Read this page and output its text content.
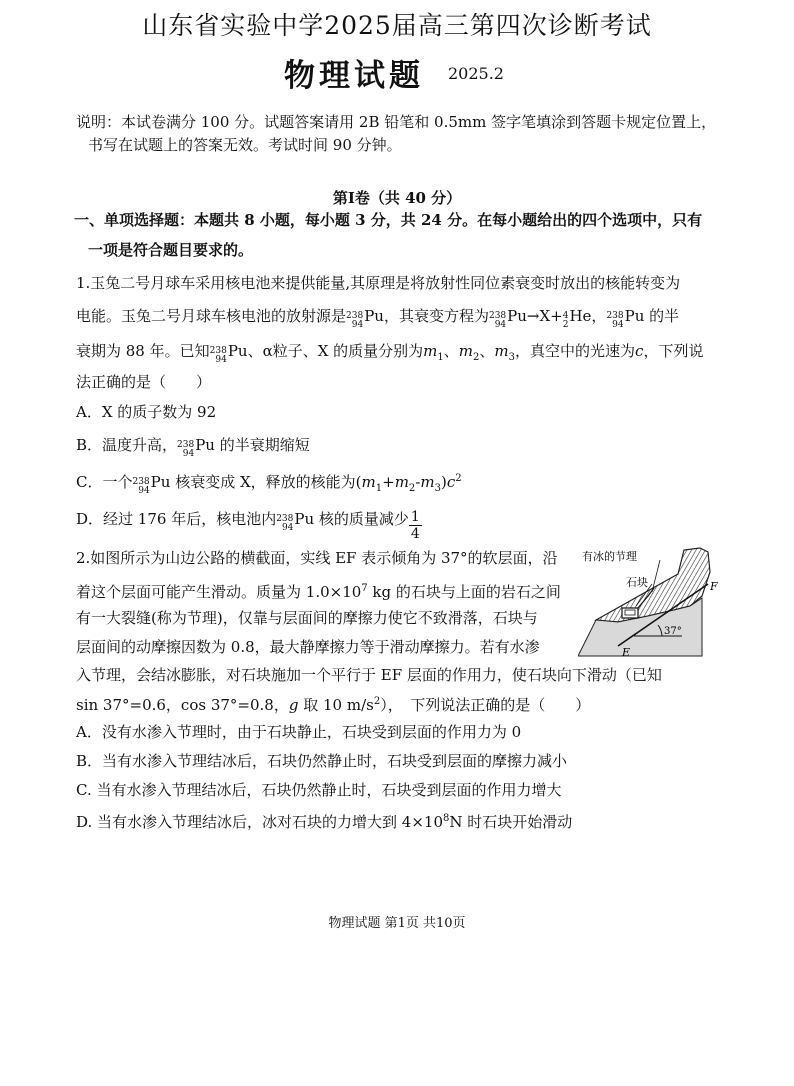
山东省实验中学2025届高三第四次诊断考试
物理试题 2025.2
说明：本试卷满分 100 分。试题答案请用 2B 铅笔和 0.5mm 签字笔填涂到答题卡规定位置上，
书写在试题上的答案无效。考试时间 90 分钟。
第Ⅰ卷（共 40 分）
一、单项选择题：本题共 8 小题，每小题 3 分，共 24 分。在每小题给出的四个选项中，只有
一项是符合题目要求的。
1.玉兔二号月球车采用核电池来提供能量,其原理是将放射性同位素衰变时放出的核能转变为
电能。玉兔二号月球车核电池的放射源是 238
94 Pu，其衰变方程为 238
94 Pu→X+ 4
2 He， 238
94 Pu 的半
衰期为 88 年。已知 238
94 Pu、α粒子、X 的质量分别为$m_1$、$m_2$、$m_3$，真空中的光速为c，下列说
法正确的是（　　）
A．X 的质子数为 92
B．温度升高， 238
94 Pu 的半衰期缩短
C．一个 238
94 Pu 核衰变成 X，释放的核能为$(m_1+m_2-m_3)c^2$
D．经过 176 年后，核电池内 238
94 Pu 核的质量减少 $\frac{1}{4}$
2.如图所示为山边公路的横截面，实线 EF 表示倾角为 37°的软层面，沿
着这个层面可能产生滑动。质量为 $1.0\times 10^7$ kg 的石块与上面的岩石之间
有一大裂缝(称为节理)，仅靠与层面间的摩擦力使它不致滑落，石块与
层面间的动摩擦因数为 0.8，最大静摩擦力等于滑动摩擦力。若有水渗
入节理，会结冰膨胀，对石块施加一个平行于 EF 层面的作用力，使石块向下滑动（已知
sin 37°=0.6，cos 37°=0.8，g 取 10 $m/s^2$），　下列说法正确的是（　　）
A．没有水渗入节理时，由于石块静止，石块受到层面的作用力为 0
B．当有水渗入节理结冰后，石块仍然静止时，石块受到层面的摩擦力减小
C. 当有水渗入节理结冰后，石块仍然静止时，石块受到层面的作用力增大
D. 当有水渗入节理结冰后，冰对石块的力增大到 $4\times 10^8N$ 时石块开始滑动
有冰的节理
石块	F
E
37°
物理试题 第1页 共10页
